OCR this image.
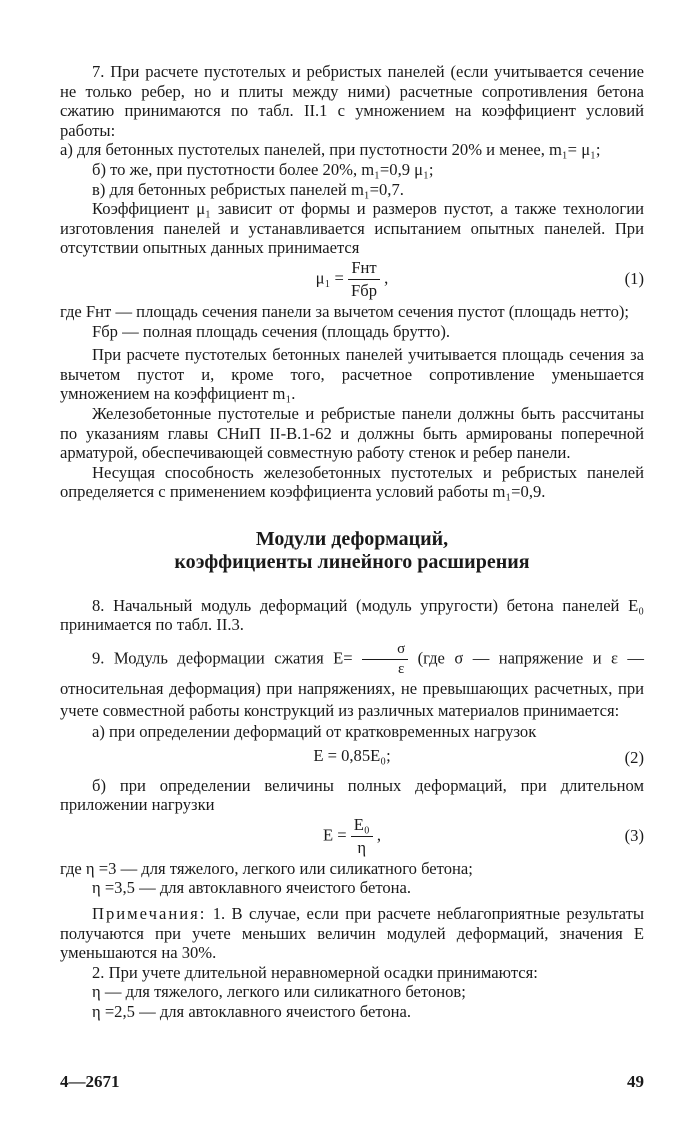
7. При расчете пустотелых и ребристых панелей (если учитывается сечение не только ребер, но и плиты между ними) расчетные сопротивления бетона сжатию принимаются по табл. II.1 с умножением на коэффициент условий работы:

а) для бетонных пустотелых панелей, при пустотности 20% и менее, m₁= μ₁;

б) то же, при пустотности более 20%, m₁=0,9 μ₁;

в) для бетонных ребристых панелей m₁=0,7.

Коэффициент μ₁ зависит от формы и размеров пустот, а также технологии изготовления панелей и устанавливается испытанием опытных панелей. При отсутствии опытных данных принимается

$\mu_1 = \frac{\text{Fнт}}{\text{Fбр}}$ ,	(1)

где Fнт — площадь сечения панели за вычетом сечения пустот (площадь нетто);

Fбр — полная площадь сечения (площадь брутто).

При расчете пустотелых бетонных панелей учитывается площадь сечения за вычетом пустот и, кроме того, расчетное сопротивление уменьшается умножением на коэффициент m₁.

Железобетонные пустотелые и ребристые панели должны быть рассчитаны по указаниям главы СНиП II-В.1-62 и должны быть армированы поперечной арматурой, обеспечивающей совместную работу стенок и ребер панели.

Несущая способность железобетонных пустотелых и ребристых панелей определяется с применением коэффициента условий работы m₁=0,9.

Модули деформаций,
коэффициенты линейного расширения

8. Начальный модуль деформаций (модуль упругости) бетона панелей E₀ принимается по табл. II.3.

9. Модуль деформации сжатия $E= \frac{\sigma}{\varepsilon} (где$ σ — напряжение и ε — относительная деформация) при напряжениях, не превышающих расчетных, при учете совместной работы конструкций из различных материалов принимается:

а) при определении деформаций от кратковременных нагрузок

E = 0,85E₀;	(2)

б) при определении величины полных деформаций, при длительном приложении нагрузки

$E = \frac{\text{E₀}}{\eta}$ ,	(3)

где η =3 — для тяжелого, легкого или силикатного бетона;

η =3,5 — для автоклавного ячеистого бетона.

Примечания: 1. В случае, если при расчете неблагоприятные результаты получаются при учете меньших величин модулей деформаций, значения E уменьшаются на 30%.

2. При учете длительной неравномерной осадки принимаются:

η — для тяжелого, легкого или силикатного бетонов;

η =2,5 — для автоклавного ячеистого бетона.

4—2671	49
